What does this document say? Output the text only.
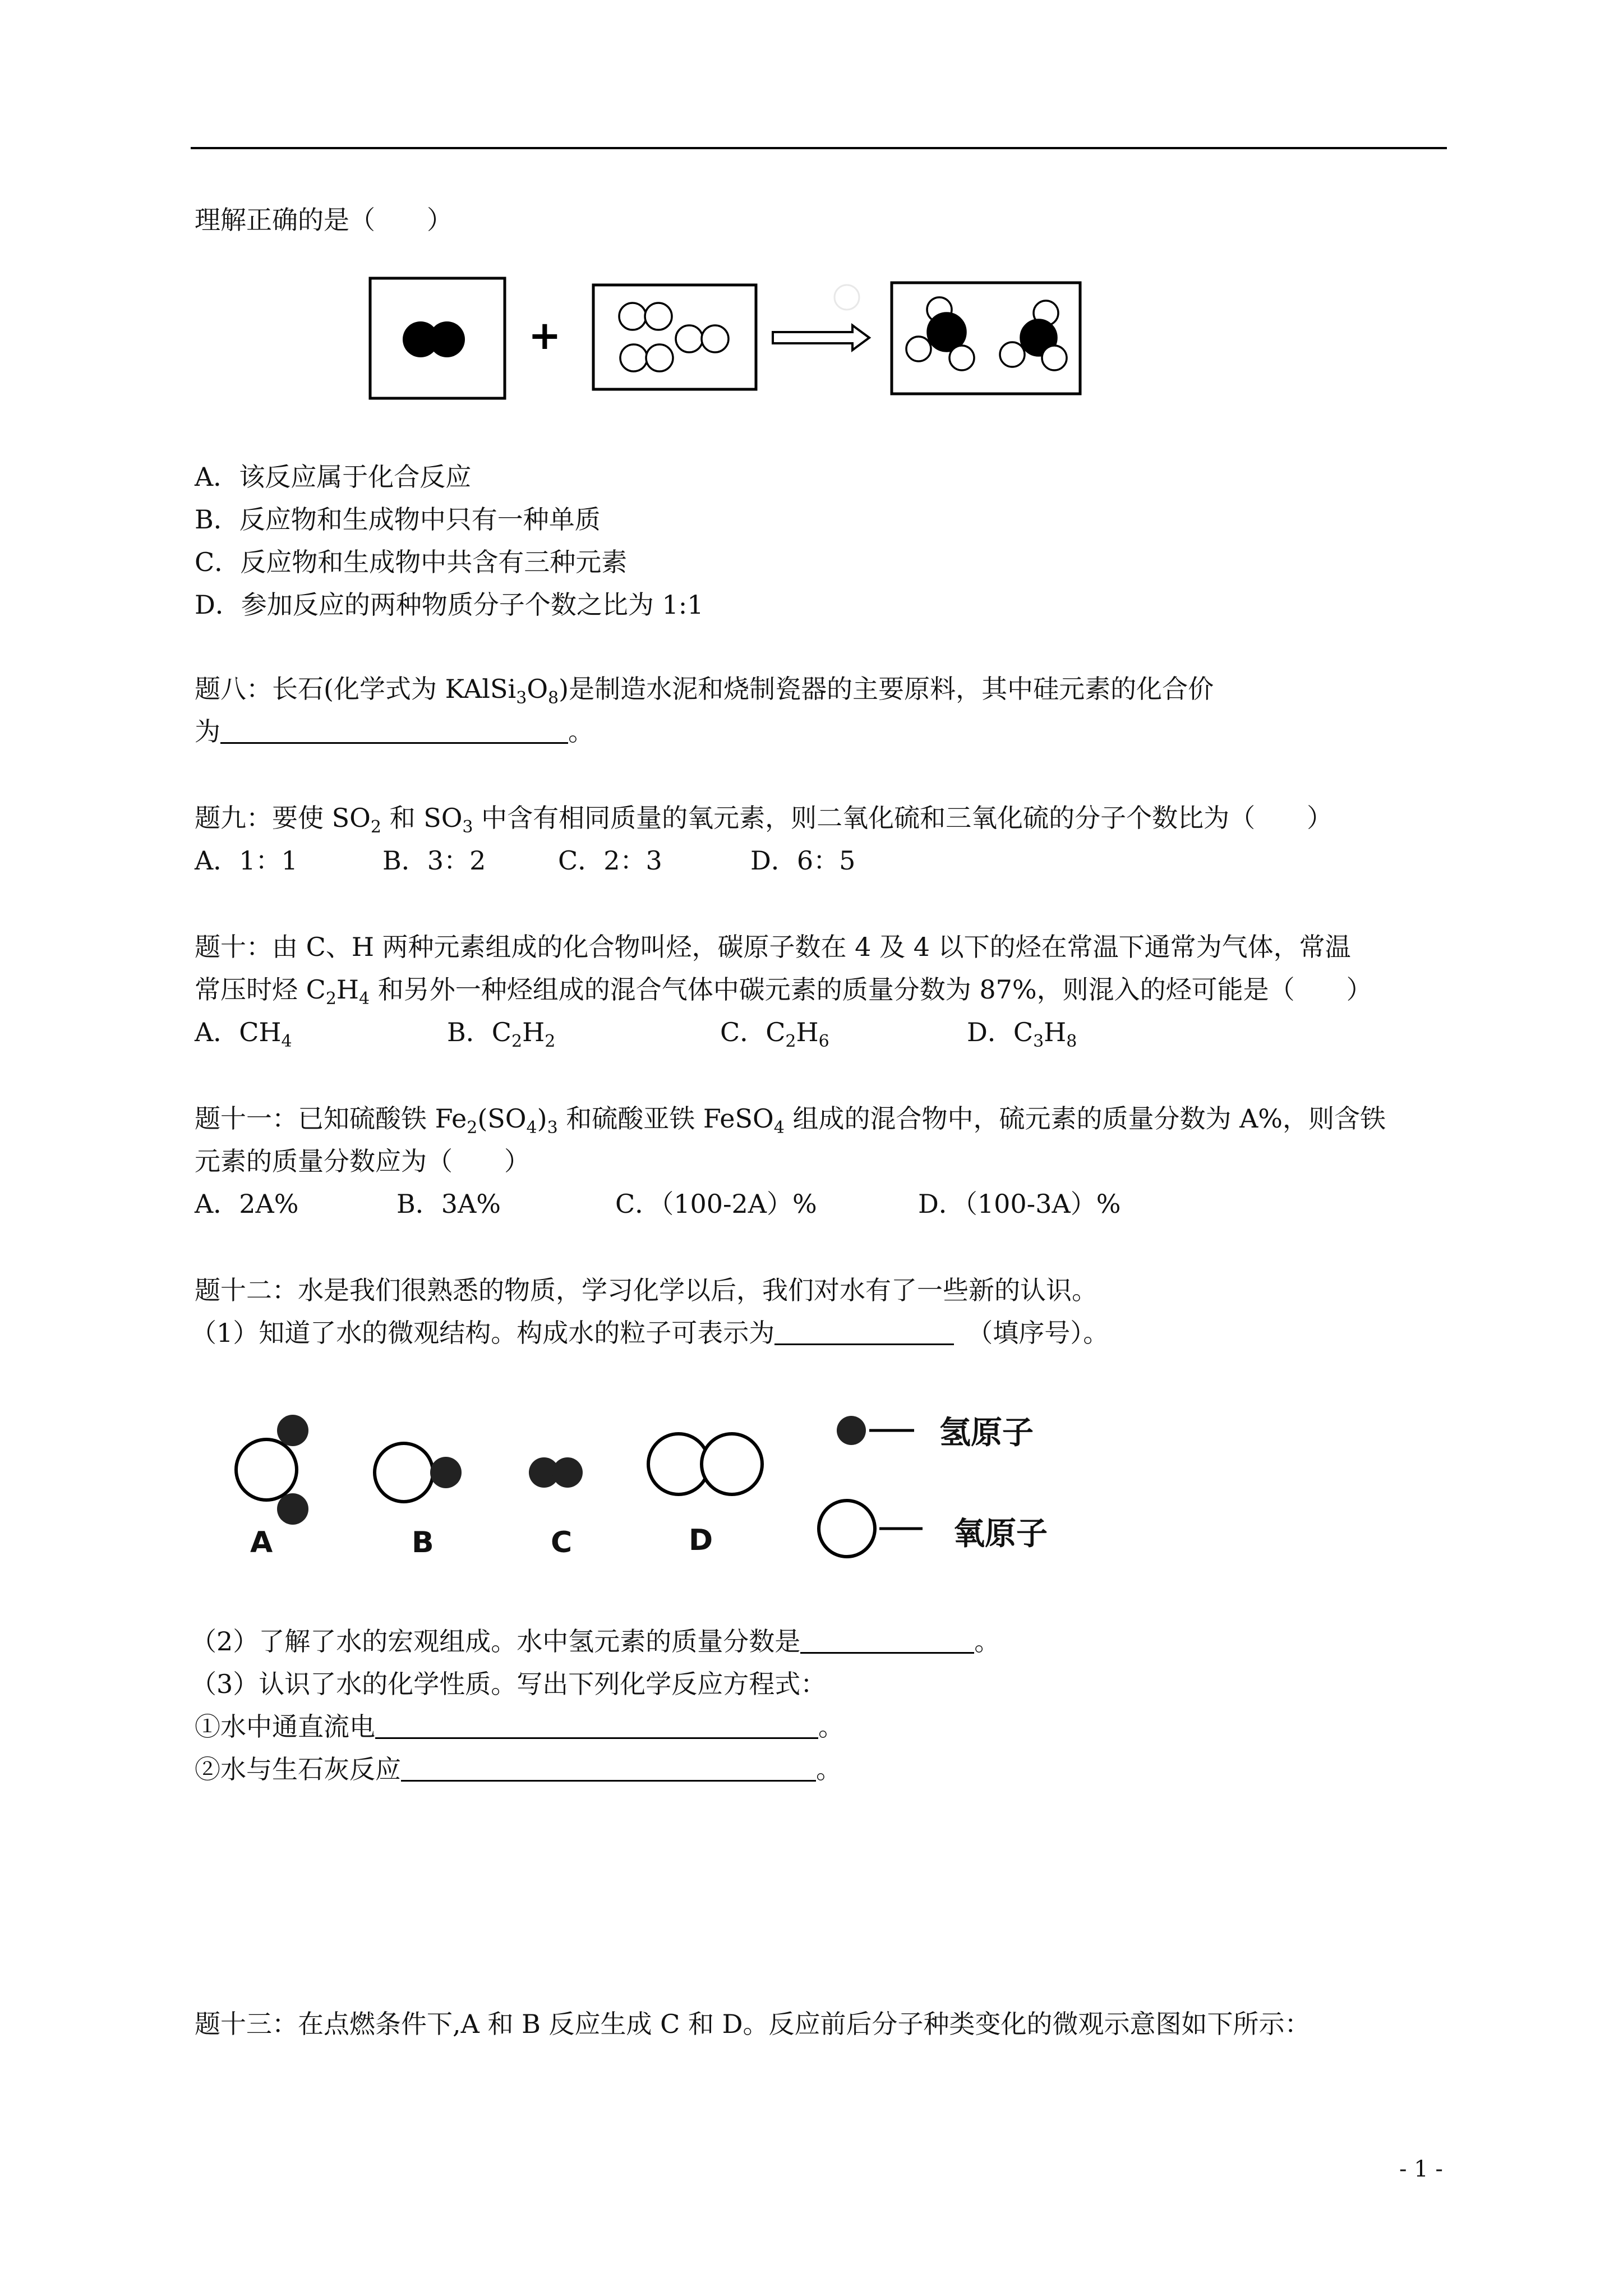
理解正确的是（　　）
+
A．该反应属于化合反应
B．反应物和生成物中只有一种单质
C．反应物和生成物中共含有三种元素
D．参加反应的两种物质分子个数之比为 1:1
题八：长石(化学式为 $KAlSi_3O_8$)是制造水泥和烧制瓷器的主要原料，其中硅元素的化合价
为	。
题九：要使 $SO_2$ 和 $SO_3$ 中含有相同质量的氧元素，则二氧化硫和三氧化硫的分子个数比为（　　）
A．1：1	B．3：2	C．2：3	D．6：5
题十：由 C、H 两种元素组成的化合物叫烃，碳原子数在 4 及 4 以下的烃在常温下通常为气体，常温
常压时烃 $C_2H_4$ 和另外一种烃组成的混合气体中碳元素的质量分数为 87%，则混入的烃可能是（　　）
A．$CH_4$	B．$C_2H_2$	C．$C_2H_6$	D．$C_3H_8$
题十一：已知硫酸铁 $Fe_2(SO_4)_3$ 和硫酸亚铁 FeSO$_4$ 组成的混合物中，硫元素的质量分数为 A%，则含铁
元素的质量分数应为（　　）
A．2A%	B．3A%	C．（100-2A）%	D．（100-3A）%
题十二：水是我们很熟悉的物质，学习化学以后，我们对水有了一些新的认识。
（1）知道了水的微观结构。构成水的粒子可表示为　	（填序号）。
A	B	C	D
氢原子
氧原子
（2）了解了水的宏观组成。水中氢元素的质量分数是	。
（3）认识了水的化学性质。写出下列化学反应方程式：
①水中通直流电	。
②水与生石灰反应	。
题十三：在点燃条件下,A 和 B 反应生成 C 和 D。反应前后分子种类变化的微观示意图如下所示：
- 1 -
